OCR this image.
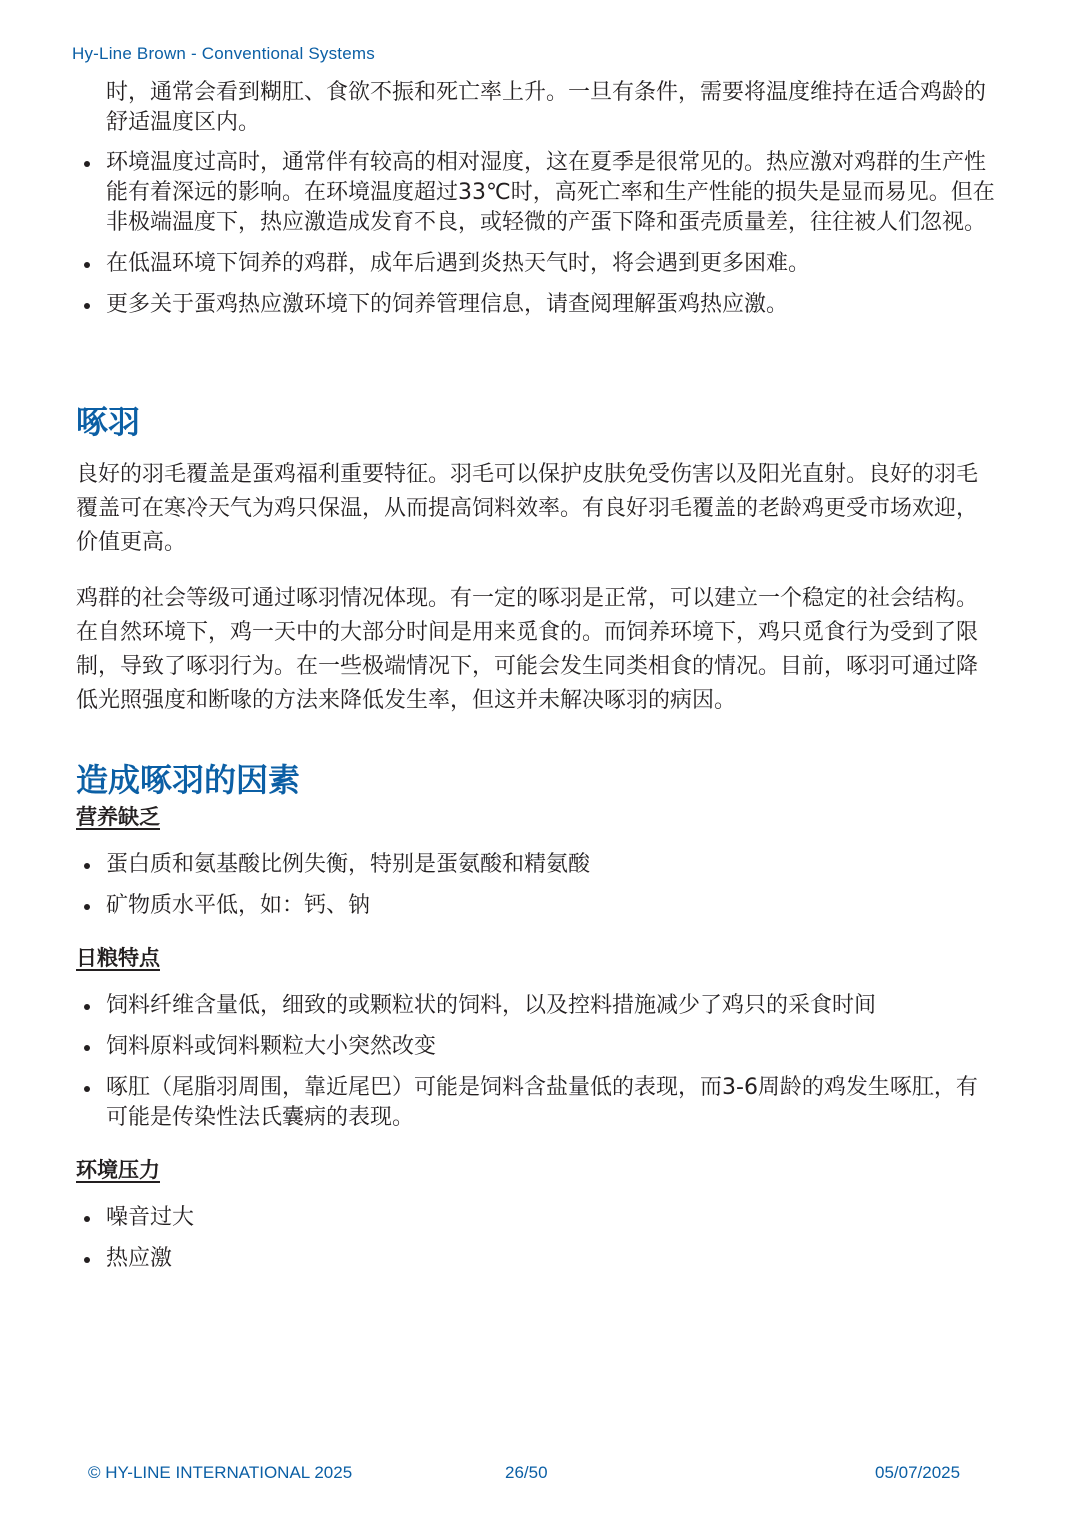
Hy-Line Brown - Conventional Systems

时，通常会看到糊肛、食欲不振和死亡率上升。一旦有条件，需要将温度维持在适合鸡龄的舒适温度区内。

环境温度过高时，通常伴有较高的相对湿度，这在夏季是很常见的。热应激对鸡群的生产性能有着深远的影响。在环境温度超过33℃时，高死亡率和生产性能的损失是显而易见。但在非极端温度下，热应激造成发育不良，或轻微的产蛋下降和蛋壳质量差，往往被人们忽视。
在低温环境下饲养的鸡群，成年后遇到炎热天气时，将会遇到更多困难。
更多关于蛋鸡热应激环境下的饲养管理信息，请查阅理解蛋鸡热应激。
啄羽

良好的羽毛覆盖是蛋鸡福利重要特征。羽毛可以保护皮肤免受伤害以及阳光直射。良好的羽毛覆盖可在寒冷天气为鸡只保温，从而提高饲料效率。有良好羽毛覆盖的老龄鸡更受市场欢迎，价值更高。

鸡群的社会等级可通过啄羽情况体现。有一定的啄羽是正常，可以建立一个稳定的社会结构。在自然环境下，鸡一天中的大部分时间是用来觅食的。而饲养环境下，鸡只觅食行为受到了限制，导致了啄羽行为。在一些极端情况下，可能会发生同类相食的情况。目前，啄羽可通过降低光照强度和断喙的方法来降低发生率，但这并未解决啄羽的病因。

造成啄羽的因素
营养缺乏
蛋白质和氨基酸比例失衡，特别是蛋氨酸和精氨酸
矿物质水平低，如：钙、钠
日粮特点
饲料纤维含量低，细致的或颗粒状的饲料，以及控料措施减少了鸡只的采食时间
饲料原料或饲料颗粒大小突然改变
啄肛（尾脂羽周围，靠近尾巴）可能是饲料含盐量低的表现，而3-6周龄的鸡发生啄肛，有可能是传染性法氏囊病的表现。
环境压力
噪音过大
热应激
© HY-LINE INTERNATIONAL 2025	26/50	05/07/2025
